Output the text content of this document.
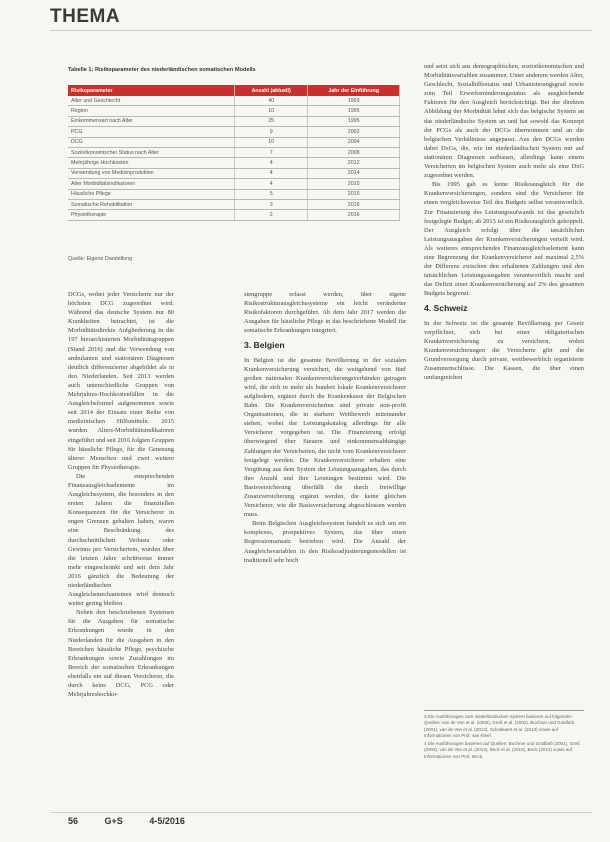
THEMA
Tabelle 1: Risikoparameter des niederländischen somatischen Modells
Risikoparameter	Anzahl (aktuell)	Jahr der Einführung
Alter und Geschlecht	40	1993
Region	10	1995
Einkommensart nach Alter	25	1995
PCG	9	2002
DCG	10	2004
Sozioökonomischer Status nach Alter	7	2008
Mehrjährige Hochkosten	4	2012
Verwendung von Medizinprodukten	4	2014
Alter Morbiditätsindikatoren	4	2015
Häusliche Pflege	5	2015
Somatische Rehabilitation	3	2016
Physiotherapie	2	2016
Quelle: Eigene Darstellung

DCGs, wobei jeder Versicherte nur der höchsten DCG zugeordnet wird. Während das deutsche System nur 80 Krankheiten betrachtet, ist die Morbiditätsdirekte Aufgliederung in die 197 hierarchisierten Morbiditätsgruppen (Stand 2016) und die Verwendung von ambulanten und stationären Diagnosen deutlich differenzierter abgebildet als in den Niederlanden. Seit 2013 werden auch unterschiedliche Gruppen von Mehrjahres-Hochkostenfällen in die Ausgleichsformel aufgenommen sowie seit 2014 der Einsatz einer Reihe von medizinischen Hilfsmitteln. 2015 wurden Alters-Morbiditätsindikatoren eingeführt und seit 2016 folgten Gruppen für häusliche Pflege, für die Genesung älterer Menschen und zwei weitere Gruppen für Physiotherapie.

Die entsprechenden Finanzausgleichselemente im Ausgleichssystem, die besonders in den ersten Jahren die finanziellen Konsequenzen für die Versicherer in engen Grenzen gehalten haben, waren eine Beschränkung des durchschnittlichen Verlusts oder Gewinns pro Versichertem, wurden über die letzten Jahre schrittweise immer mehr eingeschränkt und seit dem Jahr 2016 gänzlich die Bedeutung der niederländischen Ausgleichsmechanismen wird dennoch weiter gering bleiben.

Neben den beschriebenen Systemen für die Ausgaben für somatische Erkrankungen wurde in den Niederlanden für die Ausgaben in den Bereichen häusliche Pflege, psychische Erkrankungen sowie Zuzahlungen im Bereich der somatischen Erkrankungen ebenfalls ein auf diesen Versicherer, die durch keine DCG, PCG oder Mehrjahreshochko-

stengruppe erfasst werden, über eigene Risikostrukturausgleichssysteme ein leicht veränderter Risikofaktoren durchgeführt. Ab dem Jahr 2017 werden die Ausgaben für häusliche Pflege in das beschriebene Modell für somatische Erkrankungen integriert.

3. Belgien

In Belgien ist die gesamte Bevölkerung in der sozialen Krankenversicherung versichert, die weitgehend von fünf großen nationalen Krankenversicherungsverbänden getragen wird, die sich in mehr als hundert lokale Krankenversicherer aufgliedern, ergänzt durch die Krankenkasse der Belgischen Bahn. Die Krankenversicherten sind private non-profit Organisationen, die in starkem Wettbewerb miteinander stehen, wobei der Leistungskatalog allerdings für alle Versicherer vorgegeben ist. Die Finanzierung erfolgt überwiegend über Steuern und einkommensabhängige Zahlungen der Versicherten, die nicht vom Krankenversicherer festgelegt werden. Die Krankenversicherer erhalten eine Vergütung aus dem System der Leistungsausgaben, das durch ihre Anzahl und ihre Leistungen bestimmt wird. Die Basisversicherung überfällt die durch freiwillige Zusatzversicherung ergänzt werden, die keine gleichen Versicherer, wie die Basisversicherung abgeschlossen werden muss.

Beim Belgischen Ausgleichssystem handelt es sich um ein komplexes, prospektives System, das über einen Regressionsansatz betrieben wird. Die Anzahl der Ausgleichsvariablen in den Risikoadjustierungsmodellen ist traditionell sehr hoch

und setzt sich aus demographischen, sozioökonomischen und Morbiditätsvariablen zusammen. Unter anderem werden Alter, Geschlecht, Sozialhilfestatus und Urbanisierungsgrad sowie zum Teil Erwerbsminderungsstatus als ausgleichende Faktoren für den Ausgleich berücksichtigt. Bei der direkten Abbildung der Morbidität lehnt sich das belgische System an das niederländische System an und hat sowohl das Konzept der PCGs als auch der DCGs übernommen und an die belgischen Verhältnisse angepasst. Aus den DCGs wurden dabei DxGs, die, wie im niederländischen System nur auf stationären Diagnosen aufbauen, allerdings kann einem Versicherten im belgischen System auch mehr als eine DxG zugeordnet werden.

Bis 1995 gab es keine Risikoausgleich für die Krankenversicherungen, sondern sind die Versicherer für einen vergleichsweise Teil des Budgets selbst verantwortlich. Zur Finanzierung des Leistungsaufwands ist das gesetzlich festgelegte Budget; ab 2015 ist ein Risikoausgleich gekoppelt. Der Ausgleich erfolgt über die tatsächlichen Leistungsausgaben der Krankenversicherungen verteilt wird. Als weiteres entsprechendes Finanzausgleichselement kann eine Begrenzung der Krankenversicherer auf maximal 2,5% der Differenz zwischen den erhaltenen Zahlungen und den tatsächlichen Leistungsausgaben verantwortlich macht und das Defizit einer Krankenversicherung auf 2% des gesamten Budgets begrenzt.

4. Schweiz

In der Schweiz ist die gesamte Bevölkerung per Gesetz verpflichtet, sich bei einer obligatorischen Krankenversicherung zu versichern, wobei Krankenversicherungen die Versicherte gibt und die Grundversorgung durch private, wettbewerblich organisierte Zusammenschlüsse. Die Kassen, die über einen umfangreichen

3 Die Ausführungen zum niederländischen System basieren auf folgenden Quellen: van de Ven et al. (2000), Greß et al. (2002), Buchner und Goldfarb (2001), van de Ven et al. (2013), Schokkaert et al. (2013) sowie auf Informationen von Prof. van Kleef.
4 Die Ausführungen basieren auf Quellen: Buchner und Goldfarb (2001), Greß (2003), van de Ven et al. (2013), Beck et al. (2010), Beck (2013) sowie auf Informationen von Prof. Beck.
56	G+S	4-5/2016
